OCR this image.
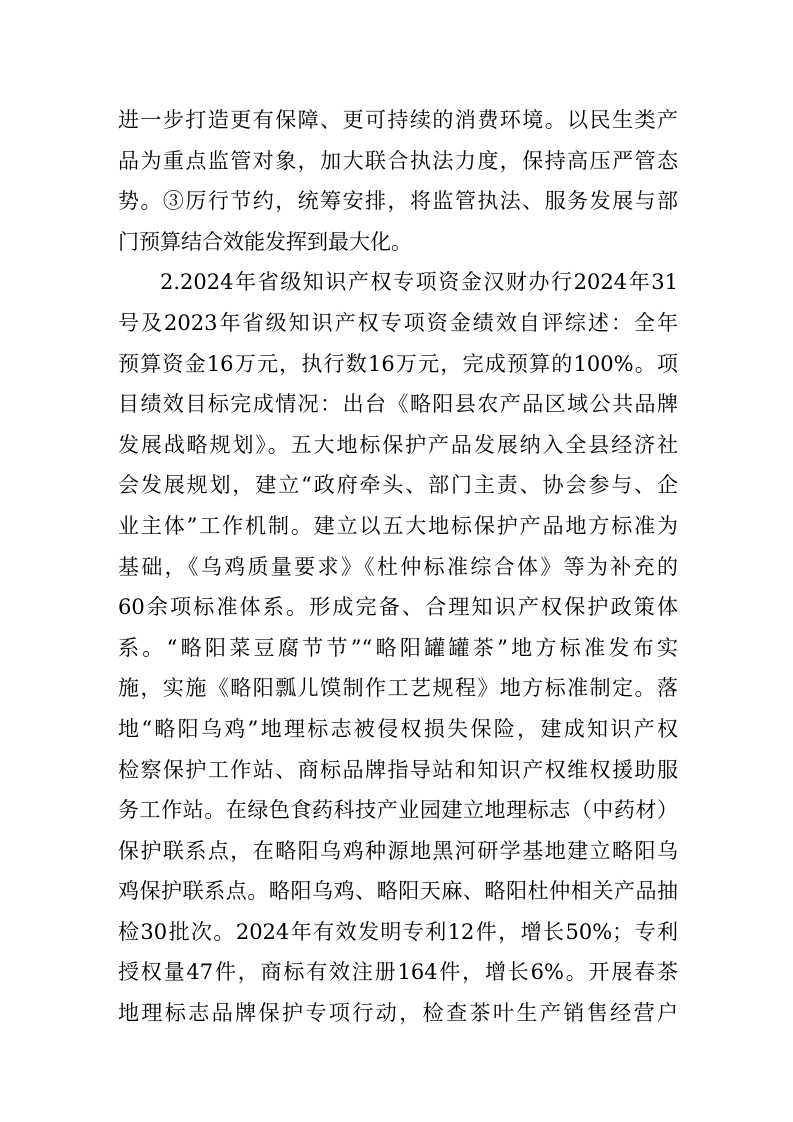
进一步打造更有保障、更可持续的消费环境。以民生类产
品为重点监管对象，加大联合执法力度，保持高压严管态
势。③厉行节约，统筹安排，将监管执法、服务发展与部
门预算结合效能发挥到最大化。
2.2024年省级知识产权专项资金汉财办行2024年31
号及2023年省级知识产权专项资金绩效自评综述：全年
预算资金16万元，执行数16万元，完成预算的100%。项
目绩效目标完成情况：出台《略阳县农产品区域公共品牌
发展战略规划》。五大地标保护产品发展纳入全县经济社
会发展规划，建立“政府牵头、部门主责、协会参与、企
业主体”工作机制。建立以五大地标保护产品地方标准为
基础，《乌鸡质量要求》《杜仲标准综合体》等为补充的
60余项标准体系。形成完备、合理知识产权保护政策体
系。“略阳菜豆腐节节”“略阳罐罐茶”地方标准发布实
施，实施《略阳瓢儿馍制作工艺规程》地方标准制定。落
地“略阳乌鸡”地理标志被侵权损失保险，建成知识产权
检察保护工作站、商标品牌指导站和知识产权维权援助服
务工作站。在绿色食药科技产业园建立地理标志（中药材）
保护联系点，在略阳乌鸡种源地黑河研学基地建立略阳乌
鸡保护联系点。略阳乌鸡、略阳天麻、略阳杜仲相关产品抽
检30批次。2024年有效发明专利12件，增长50%；专利
授权量47件，商标有效注册164件，增长6%。开展春茶
地理标志品牌保护专项行动，检查茶叶生产销售经营户
